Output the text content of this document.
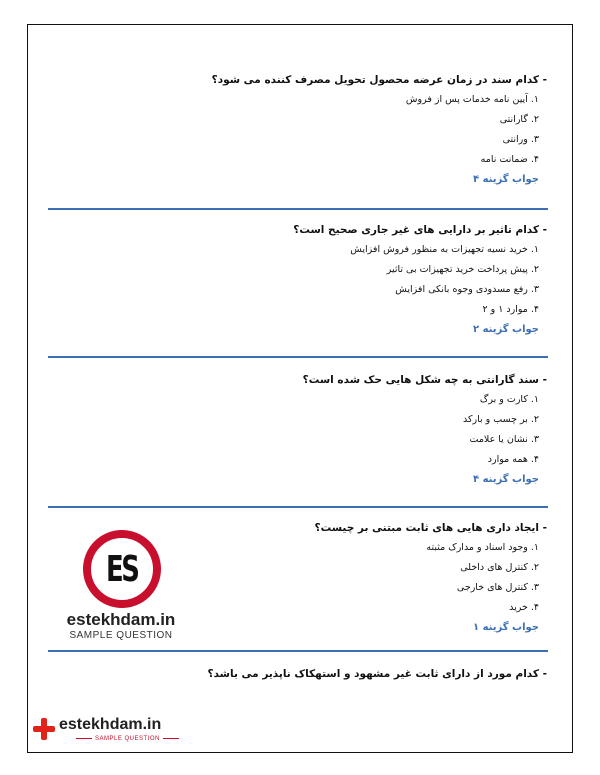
- کدام سند در زمان عرضه محصول تحویل مصرف کننده می شود؟
۱. آیین نامه خدمات پس از فروش
۲. گارانتی
۳. ورانتی
۴. ضمانت نامه
جواب گزینه ۴
- کدام تاثیر بر دارایی های غیر جاری صحیح است؟
۱. خرید نسیه تجهیزات به منظور فروش افزایش
۲. پیش پرداخت خرید تجهیزات بی تاثیر
۳. رفع مسدودی وجوه بانکی افزایش
۴. موارد ۱ و ۲
جواب گزینه ۲
- سند گارانتی به چه شکل هایی حک شده است؟
۱. کارت و برگ
۲. بر چسب و بارکد
۳. نشان یا علامت
۴. همه موارد
جواب گزینه ۴
- ایجاد داری هایی های ثابت مبتنی بر چیست؟
۱. وجود اسناد و مدارک مثبته
۲. کنترل های داخلی
۳. کنترل های خارجی
۴. خرید
جواب گزینه ۱
- کدام مورد از دارای ثابت غیر مشهود و استهکاک ناپذیر می باشد؟
ES
estekhdam.in
SAMPLE QUESTION
estekhdam.in
SAMPLE QUESTION
